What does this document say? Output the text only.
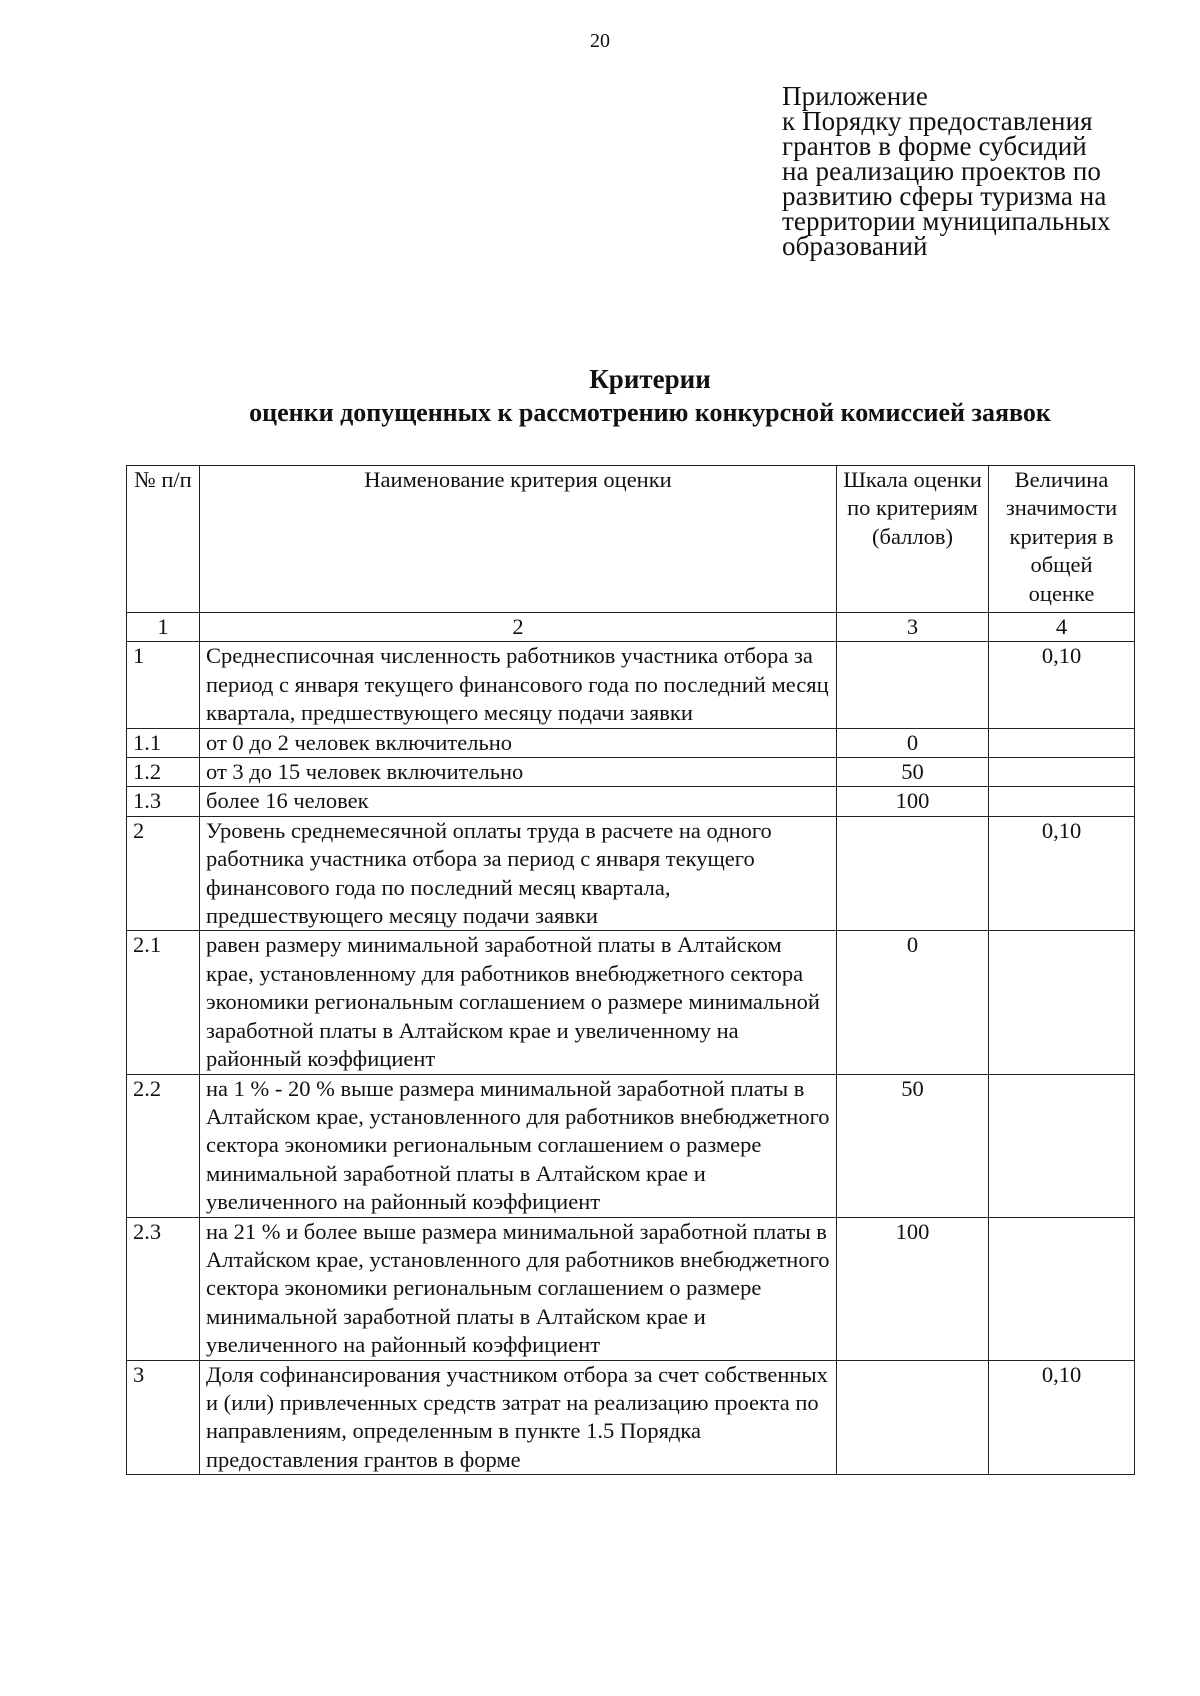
20
Приложение
к Порядку предоставления
грантов в форме субсидий
на реализацию проектов по
развитию сферы туризма на
территории муниципальных
образований
Критерии
оценки допущенных к рассмотрению конкурсной комиссией заявок
№ п/п	Наименование критерия оценки	Шкала оценки по критериям (баллов)	Величина значимости критерия в общей оценке
1	2	3	4
1	Среднесписочная численность работников участника отбора за период с января текущего финансового года по последний месяц квартала, предшествующего месяцу подачи заявки		0,10
1.1	от 0 до 2 человек включительно	0	
1.2	от 3 до 15 человек включительно	50	
1.3	более 16 человек	100	
2	Уровень среднемесячной оплаты труда в расчете на одного работника участника отбора за период с января текущего финансового года по последний месяц квартала, предшествующего месяцу подачи заявки		0,10
2.1	равен размеру минимальной заработной платы в Алтайском крае, установленному для работников внебюджетного сектора экономики региональным соглашением о размере минимальной заработной платы в Алтайском крае и увеличенному на районный коэффициент	0	
2.2	на 1 % - 20 % выше размера минимальной заработной платы в Алтайском крае, установленного для работников внебюджетного сектора экономики региональным соглашением о размере минимальной заработной платы в Алтайском крае и увеличенного на районный коэффициент	50	
2.3	на 21 % и более выше размера минимальной заработной платы в Алтайском крае, установленного для работников внебюджетного сектора экономики региональным соглашением о размере минимальной заработной платы в Алтайском крае и увеличенного на районный коэффициент	100	
3	Доля софинансирования участником отбора за счет собственных и (или) привлеченных средств затрат на реализацию проекта по направлениям, определенным в пункте 1.5 Порядка предоставления грантов в форме		0,10
